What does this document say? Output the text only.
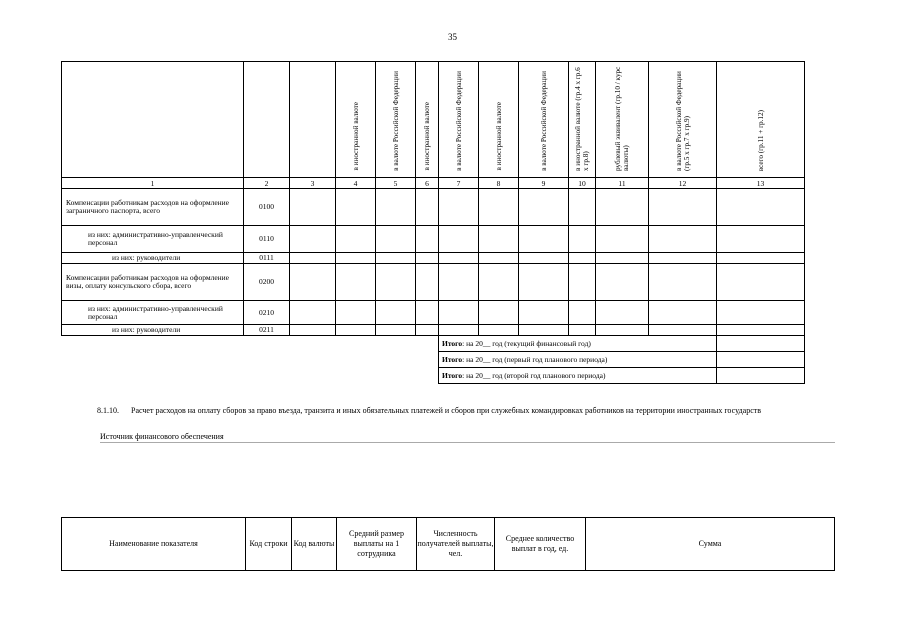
35
			в иностранной валюте	в валюте Российской Федерации	в иностранной валюте	в валюте Российской Федерации	в иностранной валюте	в валюте Российской Федерации	в иностранной валюте (гр.4 x гр.6 x гр.8)	рублевый эквивалент (гр.10 / курс валюты)	в валюте Российской Федерации (гр.5 x гр.7 x гр.9)	всего (гр.11 + гр.12)
1	2	3	4	5	6	7	8	9	10	11	12	13
Компенсации работникам расходов на оформление заграничного паспорта, всего	0100											
из них: административно-управленческий персонал	0110											
из них: руководители	0111											
Компенсации работникам расходов на оформление визы, оплату консульского сбора, всего	0200											
из них: административно-управленческий персонал	0210											
из них: руководители	0211											
						Итого: на 20__ год (текущий финансовый год)						
						Итого: на 20__ год (первый год планового периода)						
						Итого: на 20__ год (второй год планового периода)						
8.1.10. Расчет расходов на оплату сборов за право въезда, транзита и иных обязательных платежей и сборов при служебных командировках работников на территории иностранных государств
Источник финансового обеспечения
Наименование показателя	Код строки	Код валюты	Средний размер выплаты на 1 сотрудника	Численность получателей выплаты, чел.	Среднее количество выплат в год, ед.	Сумма
